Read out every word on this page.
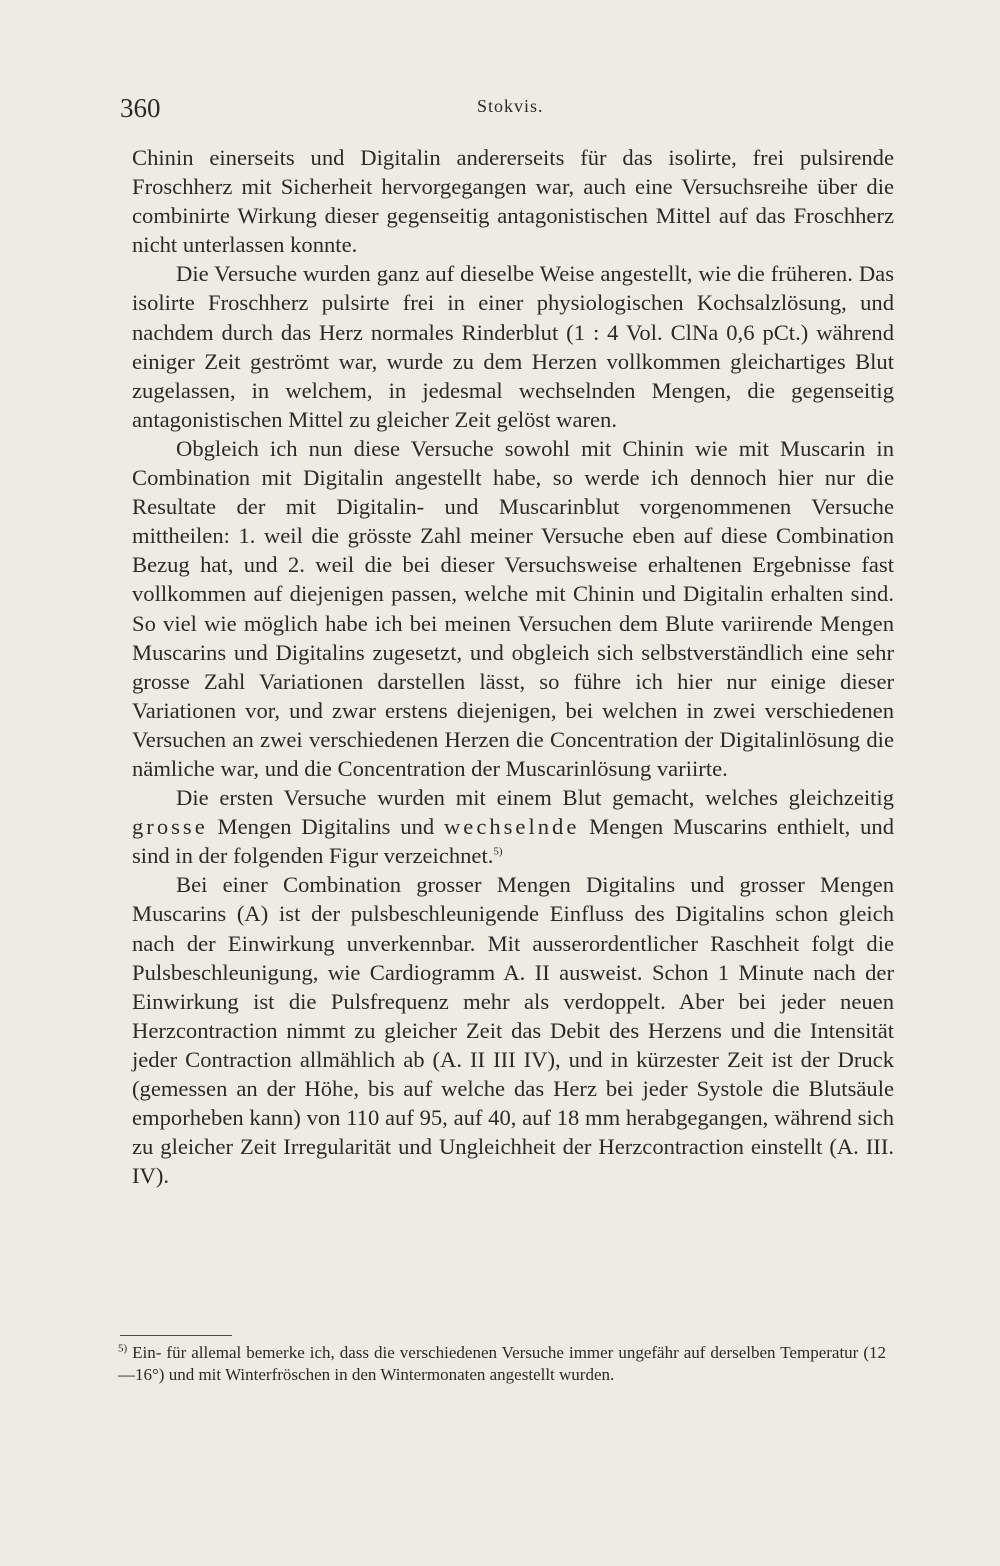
360	Stokvis.

Chinin einerseits und Digitalin andererseits für das isolirte, frei pulsirende Froschherz mit Sicherheit hervorgegangen war, auch eine Versuchsreihe über die combinirte Wirkung dieser gegenseitig antagonistischen Mittel auf das Froschherz nicht unterlassen konnte.

Die Versuche wurden ganz auf dieselbe Weise angestellt, wie die früheren. Das isolirte Froschherz pulsirte frei in einer physiologischen Kochsalzlösung, und nachdem durch das Herz normales Rinderblut (1 : 4 Vol. ClNa 0,6 pCt.) während einiger Zeit geströmt war, wurde zu dem Herzen vollkommen gleichartiges Blut zugelassen, in welchem, in jedesmal wechselnden Mengen, die gegenseitig antagonistischen Mittel zu gleicher Zeit gelöst waren.

Obgleich ich nun diese Versuche sowohl mit Chinin wie mit Muscarin in Combination mit Digitalin angestellt habe, so werde ich dennoch hier nur die Resultate der mit Digitalin- und Muscarinblut vorgenommenen Versuche mittheilen: 1. weil die grösste Zahl meiner Versuche eben auf diese Combination Bezug hat, und 2. weil die bei dieser Versuchsweise erhaltenen Ergebnisse fast vollkommen auf diejenigen passen, welche mit Chinin und Digitalin erhalten sind. So viel wie möglich habe ich bei meinen Versuchen dem Blute variirende Mengen Muscarins und Digitalins zugesetzt, und obgleich sich selbstverständlich eine sehr grosse Zahl Variationen darstellen lässt, so führe ich hier nur einige dieser Variationen vor, und zwar erstens diejenigen, bei welchen in zwei verschiedenen Versuchen an zwei verschiedenen Herzen die Concentration der Digitalinlösung die nämliche war, und die Concentration der Muscarinlösung variirte.

Die ersten Versuche wurden mit einem Blut gemacht, welches gleichzeitig grosse Mengen Digitalins und wechselnde Mengen Muscarins enthielt, und sind in der folgenden Figur verzeichnet.$^{5)}$

Bei einer Combination grosser Mengen Digitalins und grosser Mengen Muscarins (A) ist der pulsbeschleunigende Einfluss des Digitalins schon gleich nach der Einwirkung unverkennbar. Mit ausserordentlicher Raschheit folgt die Pulsbeschleunigung, wie Cardiogramm A. II ausweist. Schon 1 Minute nach der Einwirkung ist die Pulsfrequenz mehr als verdoppelt. Aber bei jeder neuen Herzcontraction nimmt zu gleicher Zeit das Debit des Herzens und die Intensität jeder Contraction allmählich ab (A. II III IV), und in kürzester Zeit ist der Druck (gemessen an der Höhe, bis auf welche das Herz bei jeder Systole die Blutsäule emporheben kann) von 110 auf 95, auf 40, auf 18 mm herabgegangen, während sich zu gleicher Zeit Irregularität und Ungleichheit der Herzcontraction einstellt (A. III. IV).

$^{5)}$ Ein- für allemal bemerke ich, dass die verschiedenen Versuche immer ungefähr auf derselben Temperatur (12—16°) und mit Winterfröschen in den Wintermonaten angestellt wurden.
